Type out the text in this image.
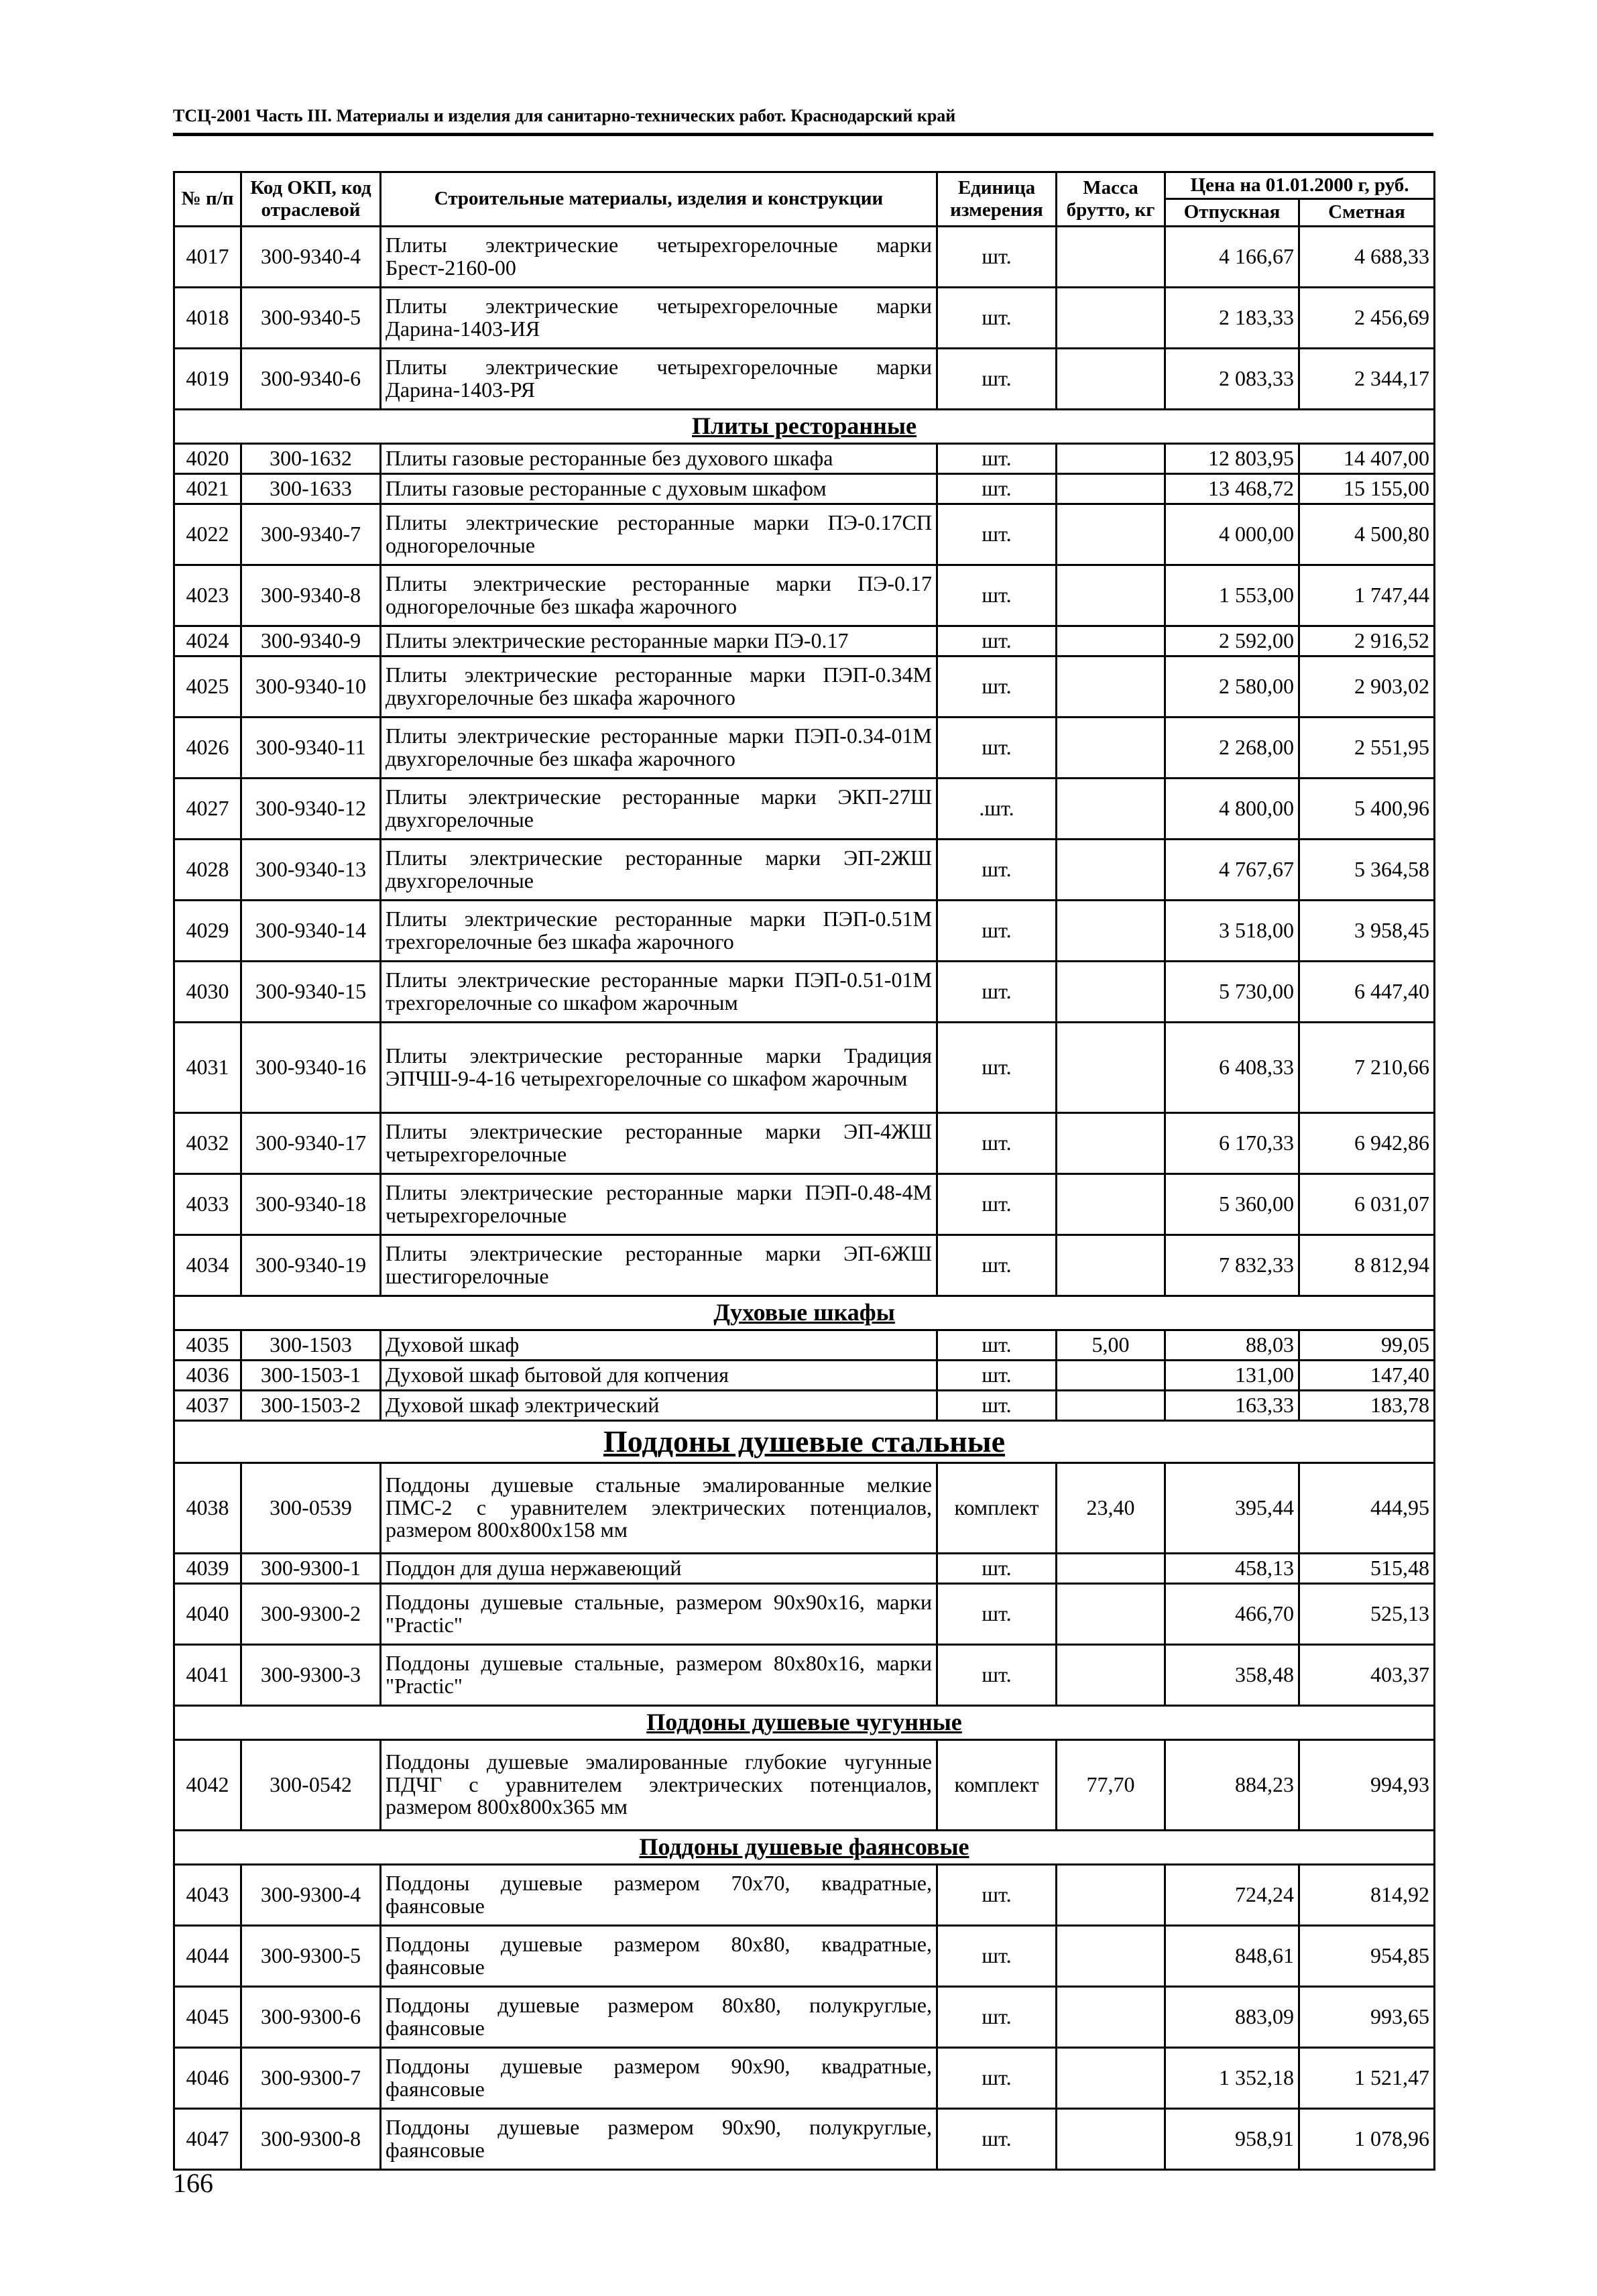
ТСЦ-2001 Часть III. Материалы и изделия для санитарно-технических работ. Краснодарский край
№ п/п	Код ОКП, код отраслевой	Строительные материалы, изделия и конструкции	Единица измерения	Масса брутто, кг	Цена на 01.01.2000 г, руб.	
					Отпускная	Сметная
4017	300-9340-4	Плиты электрические четырехгорелочные марки Брест-2160-00	шт.		4 166,67	4 688,33
4018	300-9340-5	Плиты электрические четырехгорелочные марки Дарина-1403-ИЯ	шт.		2 183,33	2 456,69
4019	300-9340-6	Плиты электрические четырехгорелочные марки Дарина-1403-РЯ	шт.		2 083,33	2 344,17
Плиты ресторанные						
4020	300-1632	Плиты газовые ресторанные без духового шкафа	шт.		12 803,95	14 407,00
4021	300-1633	Плиты газовые ресторанные с духовым шкафом	шт.		13 468,72	15 155,00
4022	300-9340-7	Плиты электрические ресторанные марки ПЭ-0.17СП одногорелочные	шт.		4 000,00	4 500,80
4023	300-9340-8	Плиты электрические ресторанные марки ПЭ-0.17 одногорелочные без шкафа жарочного	шт.		1 553,00	1 747,44
4024	300-9340-9	Плиты электрические ресторанные марки ПЭ-0.17	шт.		2 592,00	2 916,52
4025	300-9340-10	Плиты электрические ресторанные марки ПЭП-0.34М двухгорелочные без шкафа жарочного	шт.		2 580,00	2 903,02
4026	300-9340-11	Плиты электрические ресторанные марки ПЭП-0.34-01М двухгорелочные без шкафа жарочного	шт.		2 268,00	2 551,95
4027	300-9340-12	Плиты электрические ресторанные марки ЭКП-27Ш двухгорелочные	.шт.		4 800,00	5 400,96
4028	300-9340-13	Плиты электрические ресторанные марки ЭП-2ЖШ двухгорелочные	шт.		4 767,67	5 364,58
4029	300-9340-14	Плиты электрические ресторанные марки ПЭП-0.51М трехгорелочные без шкафа жарочного	шт.		3 518,00	3 958,45
4030	300-9340-15	Плиты электрические ресторанные марки ПЭП-0.51-01М трехгорелочные со шкафом жарочным	шт.		5 730,00	6 447,40
4031	300-9340-16	Плиты электрические ресторанные марки Традиция ЭПЧШ-9-4-16 четырехгорелочные со шкафом жарочным	шт.		6 408,33	7 210,66
4032	300-9340-17	Плиты электрические ресторанные марки ЭП-4ЖШ четырехгорелочные	шт.		6 170,33	6 942,86
4033	300-9340-18	Плиты электрические ресторанные марки ПЭП-0.48-4М четырехгорелочные	шт.		5 360,00	6 031,07
4034	300-9340-19	Плиты электрические ресторанные марки ЭП-6ЖШ шестигорелочные	шт.		7 832,33	8 812,94
Духовые шкафы						
4035	300-1503	Духовой шкаф	шт.	5,00	88,03	99,05
4036	300-1503-1	Духовой шкаф бытовой для копчения	шт.		131,00	147,40
4037	300-1503-2	Духовой шкаф электрический	шт.		163,33	183,78
Поддоны душевые стальные						
4038	300-0539	Поддоны душевые стальные эмалированные мелкие ПМС-2 с уравнителем электрических потенциалов, размером 800х800х158 мм	комплект	23,40	395,44	444,95
4039	300-9300-1	Поддон для душа нержавеющий	шт.		458,13	515,48
4040	300-9300-2	Поддоны душевые стальные, размером 90х90х16, марки "Practic"	шт.		466,70	525,13
4041	300-9300-3	Поддоны душевые стальные, размером 80х80х16, марки "Practic"	шт.		358,48	403,37
Поддоны душевые чугунные						
4042	300-0542	Поддоны душевые эмалированные глубокие чугунные ПДЧГ с уравнителем электрических потенциалов, размером 800х800х365 мм	комплект	77,70	884,23	994,93
Поддоны душевые фаянсовые						
4043	300-9300-4	Поддоны душевые размером 70х70, квадратные, фаянсовые	шт.		724,24	814,92
4044	300-9300-5	Поддоны душевые размером 80х80, квадратные, фаянсовые	шт.		848,61	954,85
4045	300-9300-6	Поддоны душевые размером 80х80, полукруглые, фаянсовые	шт.		883,09	993,65
4046	300-9300-7	Поддоны душевые размером 90х90, квадратные, фаянсовые	шт.		1 352,18	1 521,47
4047	300-9300-8	Поддоны душевые размером 90х90, полукруглые, фаянсовые	шт.		958,91	1 078,96
166
